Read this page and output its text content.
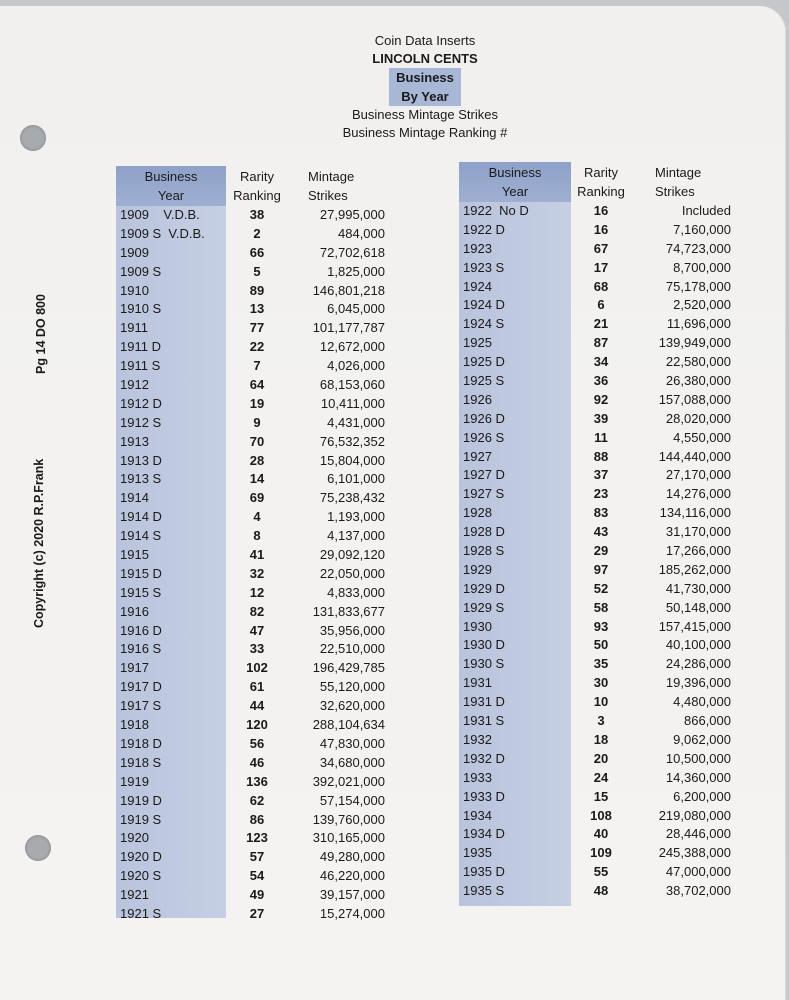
Coin Data Inserts
LINCOLN CENTS
Business
By Year
Business Mintage Strikes
Business Mintage Ranking #
Pg 14 DO 800
Copyright (c) 2020 R.P.Frank
Business
Year
Rarity
Ranking
Mintage
Strikes
1909    V.D.B.	38	27,995,000
1909 S  V.D.B.	2	484,000
1909	66	72,702,618
1909 S	5	1,825,000
1910	89	146,801,218
1910 S	13	6,045,000
1911	77	101,177,787
1911 D	22	12,672,000
1911 S	7	4,026,000
1912	64	68,153,060
1912 D	19	10,411,000
1912 S	9	4,431,000
1913	70	76,532,352
1913 D	28	15,804,000
1913 S	14	6,101,000
1914	69	75,238,432
1914 D	4	1,193,000
1914 S	8	4,137,000
1915	41	29,092,120
1915 D	32	22,050,000
1915 S	12	4,833,000
1916	82	131,833,677
1916 D	47	35,956,000
1916 S	33	22,510,000
1917	102	196,429,785
1917 D	61	55,120,000
1917 S	44	32,620,000
1918	120	288,104,634
1918 D	56	47,830,000
1918 S	46	34,680,000
1919	136	392,021,000
1919 D	62	57,154,000
1919 S	86	139,760,000
1920	123	310,165,000
1920 D	57	49,280,000
1920 S	54	46,220,000
1921	49	39,157,000
1921 S	27	15,274,000
Business
Year
Rarity
Ranking
Mintage
Strikes
1922  No D	16	Included
1922 D	16	7,160,000
1923	67	74,723,000
1923 S	17	8,700,000
1924	68	75,178,000
1924 D	6	2,520,000
1924 S	21	11,696,000
1925	87	139,949,000
1925 D	34	22,580,000
1925 S	36	26,380,000
1926	92	157,088,000
1926 D	39	28,020,000
1926 S	11	4,550,000
1927	88	144,440,000
1927 D	37	27,170,000
1927 S	23	14,276,000
1928	83	134,116,000
1928 D	43	31,170,000
1928 S	29	17,266,000
1929	97	185,262,000
1929 D	52	41,730,000
1929 S	58	50,148,000
1930	93	157,415,000
1930 D	50	40,100,000
1930 S	35	24,286,000
1931	30	19,396,000
1931 D	10	4,480,000
1931 S	3	866,000
1932	18	9,062,000
1932 D	20	10,500,000
1933	24	14,360,000
1933 D	15	6,200,000
1934	108	219,080,000
1934 D	40	28,446,000
1935	109	245,388,000
1935 D	55	47,000,000
1935 S	48	38,702,000
